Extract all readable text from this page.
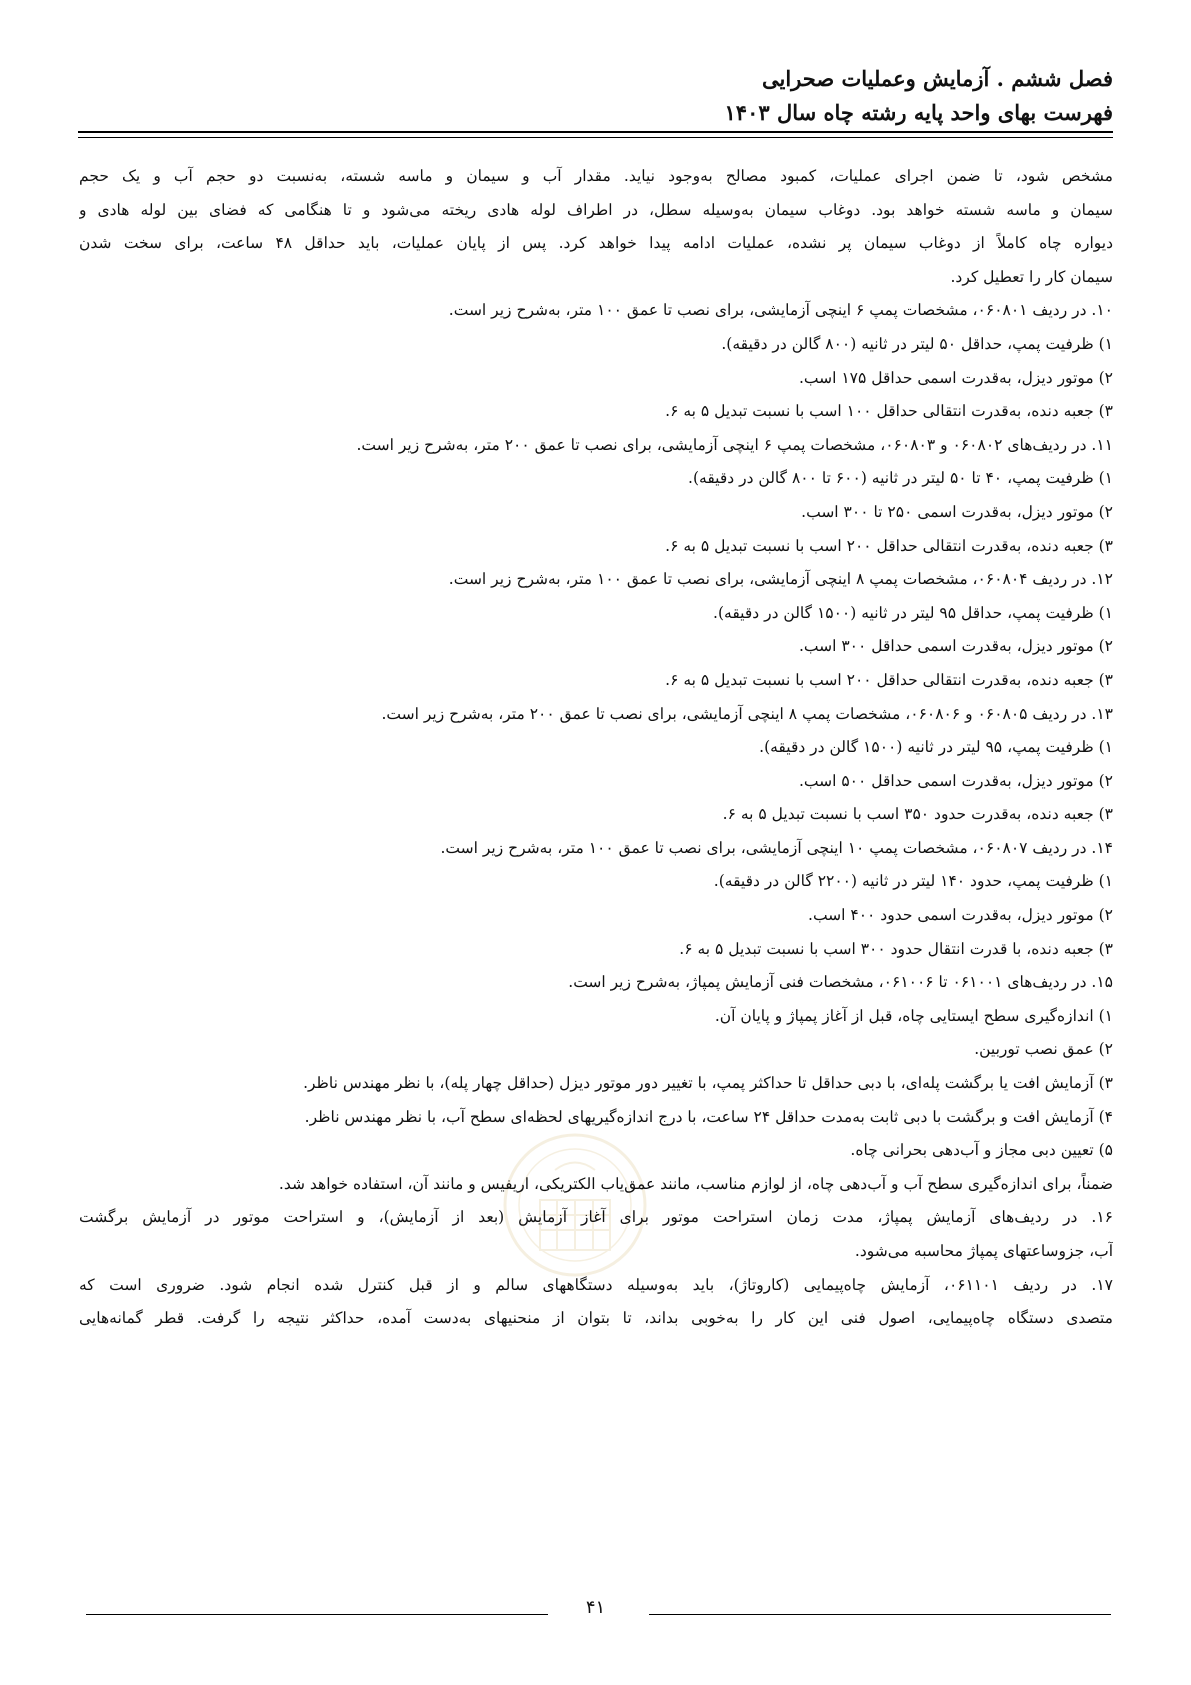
فصل ششم . آزمایش وعملیات صحرایی
فهرست بهای واحد پایه رشته چاه سال ۱۴۰۳
مشخص شود، تا ضمن اجرای عملیات، کمبود مصالح به‌وجود نیاید. مقدار آب و سیمان و ماسه شسته، به‌نسبت دو حجم آب و یک حجم
سیمان و ماسه شسته خواهد بود. دوغاب سیمان به‌وسیله سطل، در اطراف لوله هادی ریخته می‌شود و تا هنگامی که فضای بین لوله هادی و
دیواره چاه کاملاً از دوغاب سیمان پر نشده، عملیات ادامه پیدا خواهد کرد. پس از پایان عملیات، باید حداقل ۴۸ ساعت، برای سخت شدن
سیمان کار را تعطیل کرد.
۱۰. در ردیف ۰۶۰۸۰۱، مشخصات پمپ ۶ اینچی آزمایشی، برای نصب تا عمق ۱۰۰ متر، به‌شرح زیر است.
۱) ظرفیت پمپ، حداقل ۵۰ لیتر در ثانیه (۸۰۰ گالن در دقیقه).
۲) موتور دیزل، به‌قدرت اسمی حداقل ۱۷۵ اسب.
۳) جعبه دنده، به‌قدرت انتقالی حداقل ۱۰۰ اسب با نسبت تبدیل ۵ به ۶.
۱۱. در ردیف‌های ۰۶۰۸۰۲ و ۰۶۰۸۰۳، مشخصات پمپ ۶ اینچی آزمایشی، برای نصب تا عمق ۲۰۰ متر، به‌شرح زیر است.
۱) ظرفیت پمپ، ۴۰ تا ۵۰ لیتر در ثانیه (۶۰۰ تا ۸۰۰ گالن در دقیقه).
۲) موتور دیزل، به‌قدرت اسمی ۲۵۰ تا ۳۰۰ اسب.
۳) جعبه دنده، به‌قدرت انتقالی حداقل ۲۰۰ اسب با نسبت تبدیل ۵ به ۶.
۱۲. در ردیف ۰۶۰۸۰۴، مشخصات پمپ ۸ اینچی آزمایشی، برای نصب تا عمق ۱۰۰ متر، به‌شرح زیر است.
۱) ظرفیت پمپ، حداقل ۹۵ لیتر در ثانیه (۱۵۰۰ گالن در دقیقه).
۲) موتور دیزل، به‌قدرت اسمی حداقل ۳۰۰ اسب.
۳) جعبه دنده، به‌قدرت انتقالی حداقل ۲۰۰ اسب با نسبت تبدیل ۵ به ۶.
۱۳. در ردیف ۰۶۰۸۰۵ و ۰۶۰۸۰۶، مشخصات پمپ ۸ اینچی آزمایشی، برای نصب تا عمق ۲۰۰ متر، به‌شرح زیر است.
۱) ظرفیت پمپ، ۹۵ لیتر در ثانیه (۱۵۰۰ گالن در دقیقه).
۲) موتور دیزل، به‌قدرت اسمی حداقل ۵۰۰ اسب.
۳) جعبه دنده، به‌قدرت حدود ۳۵۰ اسب با نسبت تبدیل ۵ به ۶.
۱۴. در ردیف ۰۶۰۸۰۷، مشخصات پمپ ۱۰ اینچی آزمایشی، برای نصب تا عمق ۱۰۰ متر، به‌شرح زیر است.
۱) ظرفیت پمپ، حدود ۱۴۰ لیتر در ثانیه (۲۲۰۰ گالن در دقیقه).
۲) موتور دیزل، به‌قدرت اسمی حدود ۴۰۰ اسب.
۳) جعبه دنده، با قدرت انتقال حدود ۳۰۰ اسب با نسبت تبدیل ۵ به ۶.
۱۵. در ردیف‌های ۰۶۱۰۰۱ تا ۰۶۱۰۰۶، مشخصات فنی آزمایش پمپاژ، به‌شرح زیر است.
۱) اندازه‌گیری سطح ایستایی چاه، قبل از آغاز پمپاژ و پایان آن.
۲) عمق نصب توربین.
۳) آزمایش افت یا برگشت پله‌ای، با دبی حداقل تا حداکثر پمپ، با تغییر دور موتور دیزل (حداقل چهار پله)، با نظر مهندس ناظر.
۴) آزمایش افت و برگشت با دبی ثابت به‌مدت حداقل ۲۴ ساعت، با درج اندازه‌گیریهای لحظه‌ای سطح آب، با نظر مهندس ناظر.
۵) تعیین دبی مجاز و آب‌دهی بحرانی چاه.
ضمناً، برای اندازه‌گیری سطح آب و آب‌دهی چاه، از لوازم مناسب، مانند عمق‌یاب الکتریکی، اریفیس و مانند آن، استفاده خواهد شد.
۱۶. در ردیف‌های آزمایش پمپاژ، مدت زمان استراحت موتور برای آغاز آزمایش (بعد از آزمایش)، و استراحت موتور در آزمایش برگشت
آب، جزوساعتهای پمپاژ محاسبه می‌شود.
۱۷. در ردیف ۰۶۱۱۰۱، آزمایش چاه‌پیمایی (کاروتاژ)، باید به‌وسیله دستگاههای سالم و از قبل کنترل شده انجام شود. ضروری است که
متصدی دستگاه چاه‌پیمایی، اصول فنی این کار را به‌خوبی بداند، تا بتوان از منحنیهای به‌دست آمده، حداکثر نتیجه را گرفت. قطر گمانه‌هایی
۴۱
